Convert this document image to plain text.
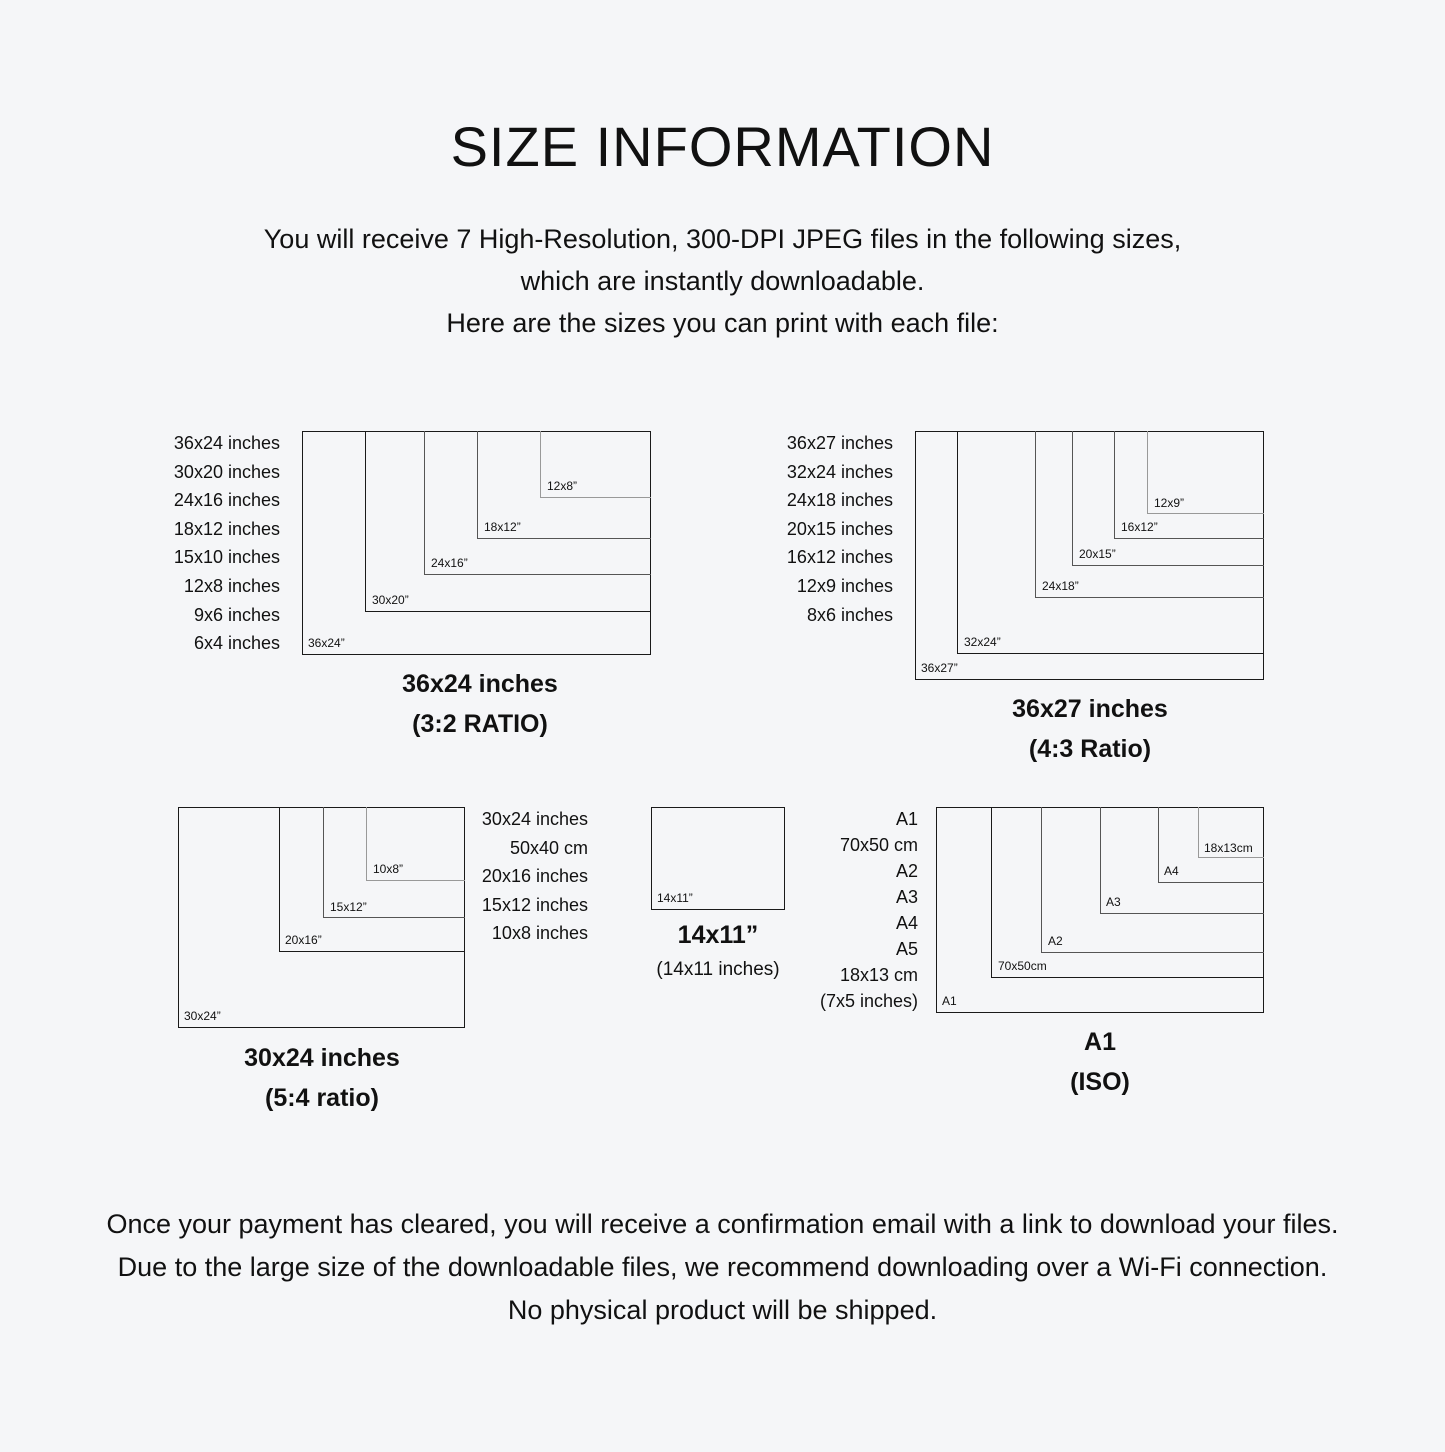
SIZE INFORMATION
You will receive 7 High-Resolution, 300-DPI JPEG files in the following sizes,
which are instantly downloadable.
Here are the sizes you can print with each file:
36x24 inches
30x20 inches
24x16 inches
18x12 inches
15x10 inches
12x8 inches
9x6 inches
6x4 inches 36x24”
30x20”
24x16”
18x12”
12x8”
36x24 inches
(3:2 RATIO)
36x27 inches
32x24 inches
24x18 inches
20x15 inches
16x12 inches
12x9 inches
8x6 inches
36x27”
32x24”
24x18”
20x15”
16x12”
12x9”
36x27 inches
(4:3 Ratio)
30x24”
20x16”
15x12”
10x8”
30x24 inches
50x40 cm
20x16 inches
15x12 inches
10x8 inches
30x24 inches
(5:4 ratio)
14x11”
14x11”
(14x11 inches)
A1
70x50 cm
A2
A3
A4
A5
18x13 cm
(7x5 inches) A1
70x50cm
A2
A3
A4
18x13cm
A1
(ISO)
Once your payment has cleared, you will receive a confirmation email with a link to download your files.
Due to the large size of the downloadable files, we recommend downloading over a Wi-Fi connection.
No physical product will be shipped.
